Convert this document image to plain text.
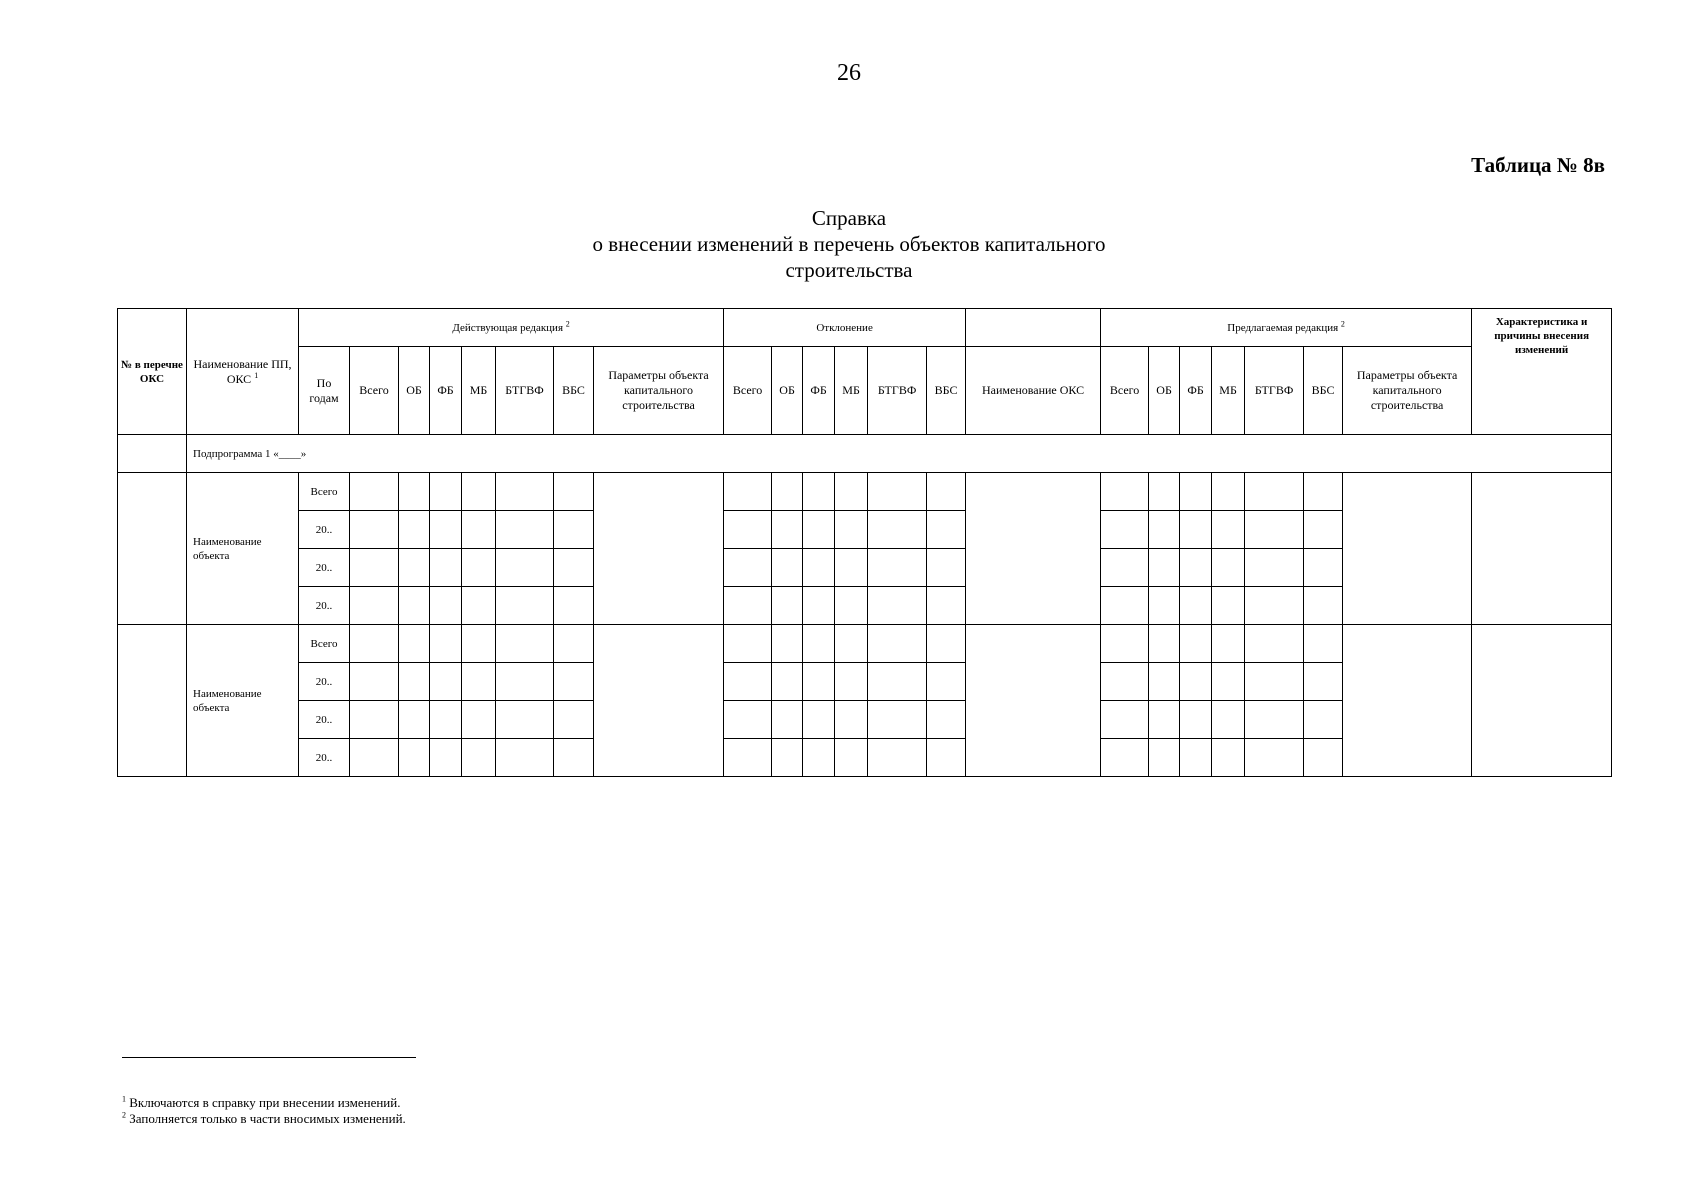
26
Таблица № 8в
Справка
о внесении изменений в перечень объектов капитального
строительства
№ в перечне ОКС	Наименование ПП, ОКС $^1$	Действующая редакция $^2$								Отклонение							Предлагаемая редакция $^2$							Характеристика и причины внесения изменений
		По годам	Всего	ОБ	ФБ	МБ	БТГВФ	ВБС	Параметры объекта капитального строительства	Всего	ОБ	ФБ	МБ	БТГВФ	ВБС	Наименование ОКС	Всего	ОБ	ФБ	МБ	БТГВФ	ВБС	Параметры объекта капитального строительства	
	Подпрограмма 1 «____»																							
	Наименование объекта	Всего																						
		20..																						
		20..																						
		20..																						
	Наименование объекта	Всего																						
		20..																						
		20..																						
		20..																						
$^1$ Включаются в справку при внесении изменений.
$^2$ Заполняется только в части вносимых изменений.
